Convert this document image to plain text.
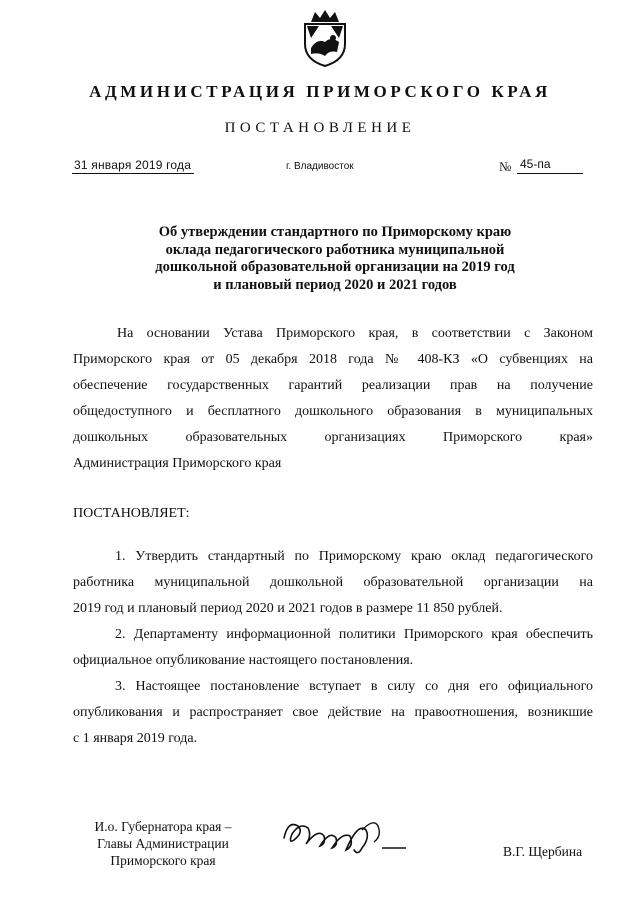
АДМИНИСТРАЦИЯ ПРИМОРСКОГО КРАЯ
ПОСТАНОВЛЕНИЕ
31 января 2019 года	г. Владивосток	№ 45-па
Об утверждении стандартного по Приморскому краю
оклада педагогического работника муниципальной
дошкольной образовательной организации на 2019 год
и плановый период 2020 и 2021 годов
На основании Устава Приморского края, в соответствии с Законом
Приморского края от 05 декабря 2018 года № 408-КЗ «О субвенциях на
обеспечение государственных гарантий реализации прав на получение
общедоступного и бесплатного дошкольного образования в муниципальных
дошкольных образовательных организациях Приморского края»
Администрация Приморского края
ПОСТАНОВЛЯЕТ:
1. Утвердить стандартный по Приморскому краю оклад педагогического
работника муниципальной дошкольной образовательной организации на
2019 год и плановый период 2020 и 2021 годов в размере 11 850 рублей.
2. Департаменту информационной политики Приморского края обеспечить
официальное опубликование настоящего постановления.
3. Настоящее постановление вступает в силу со дня его официального
опубликования и распространяет свое действие на правоотношения, возникшие
с 1 января 2019 года.
И.о. Губернатора края –
Главы Администрации
Приморского края
В.Г. Щербина
